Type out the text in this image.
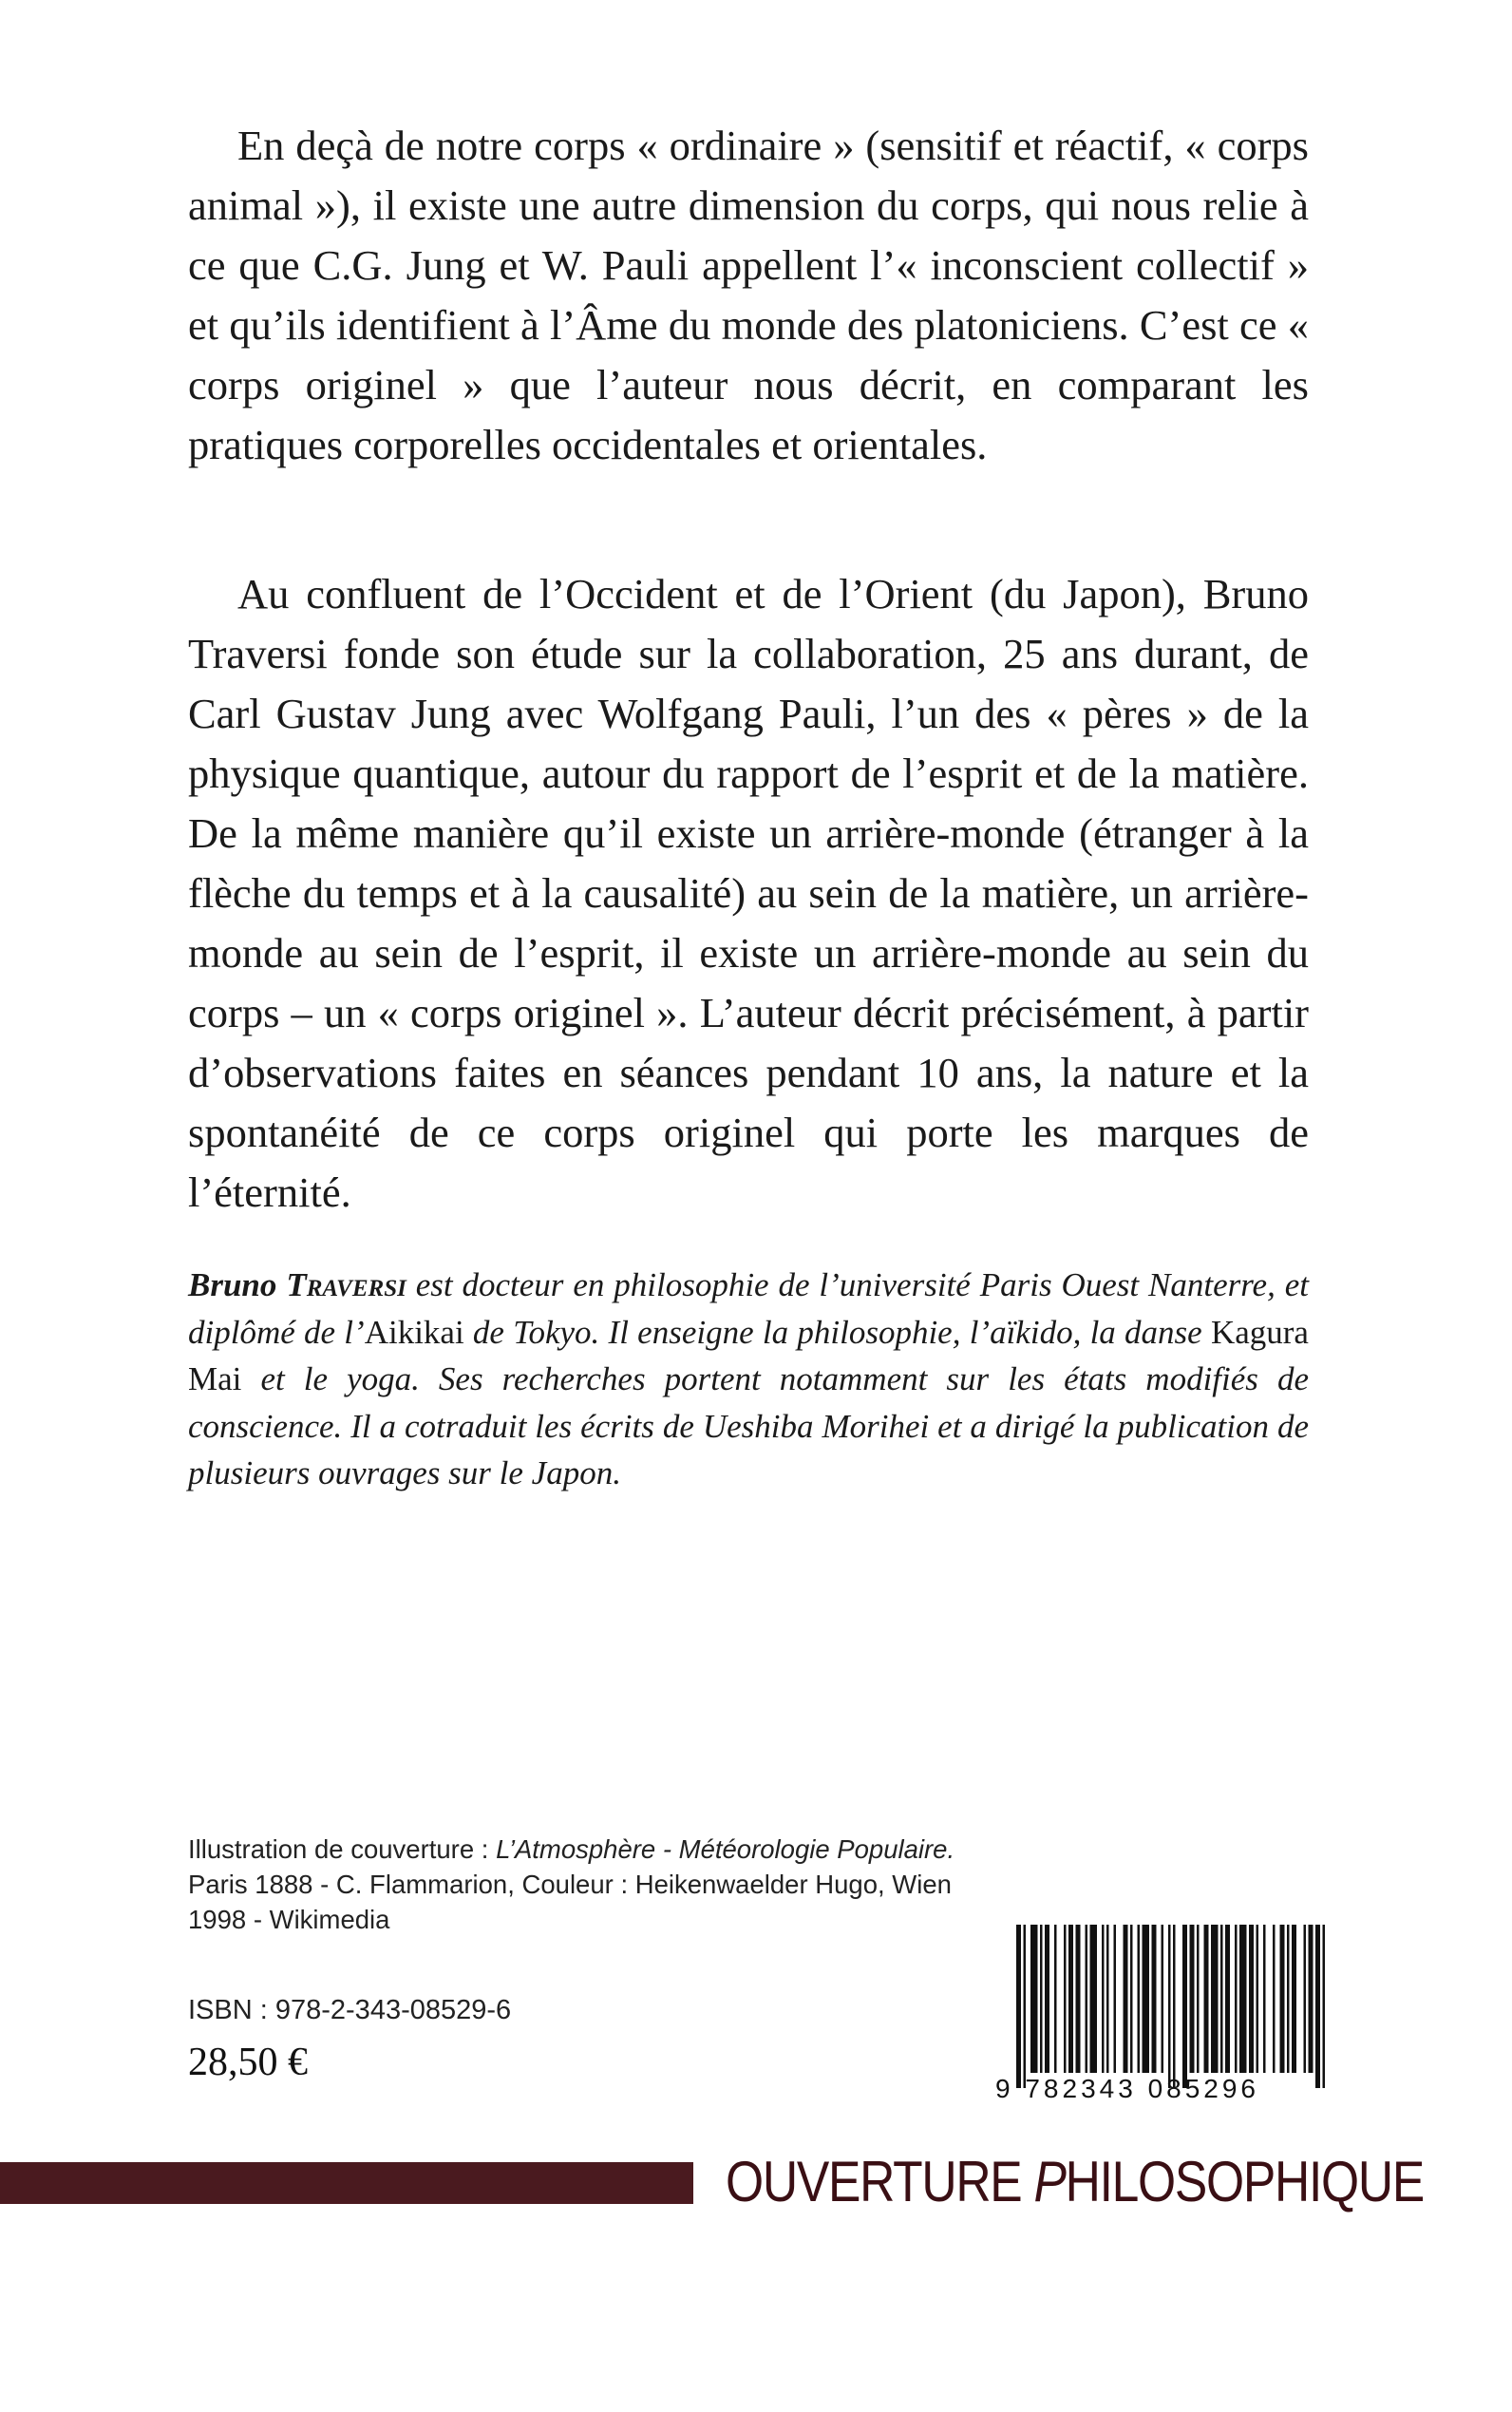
En deçà de notre corps « ordinaire » (sensitif et réactif, « corps animal »), il existe une autre dimension du corps, qui nous relie à ce que C.G. Jung et W. Pauli appellent l’« inconscient collectif » et qu’ils identifient à l’Âme du monde des platoniciens. C’est ce « corps originel » que l’auteur nous décrit, en comparant les pratiques corporelles occidentales et orientales.

Au confluent de l’Occident et de l’Orient (du Japon), Bruno Traversi fonde son étude sur la collaboration, 25 ans durant, de Carl Gustav Jung avec Wolfgang Pauli, l’un des « pères » de la physique quantique, autour du rapport de l’esprit et de la matière. De la même manière qu’il existe un arrière-monde (étranger à la flèche du temps et à la causalité) au sein de la matière, un arrière-monde au sein de l’esprit, il existe un arrière-monde au sein du corps – un « corps originel ». L’auteur décrit précisément, à partir d’observations faites en séances pendant 10 ans, la nature et la spontanéité de ce corps originel qui porte les marques de l’éternité.

Bruno Traversi est docteur en philosophie de l’université Paris Ouest Nanterre, et diplômé de l’Aikikai de Tokyo. Il enseigne la philosophie, l’aïkido, la danse Kagura Mai et le yoga. Ses recherches portent notamment sur les états modifiés de conscience. Il a cotraduit les écrits de Ueshiba Morihei et a dirigé la publication de plusieurs ouvrages sur le Japon.

Illustration de couverture : L’Atmosphère - Météorologie Populaire. Paris 1888 - C. Flammarion, Couleur : Heikenwaelder Hugo, Wien 1998 - Wikimedia

ISBN : 978-2-343-08529-6

28,50 €

9 782343 085296
OUVERTURE PHILOSOPHIQUE
